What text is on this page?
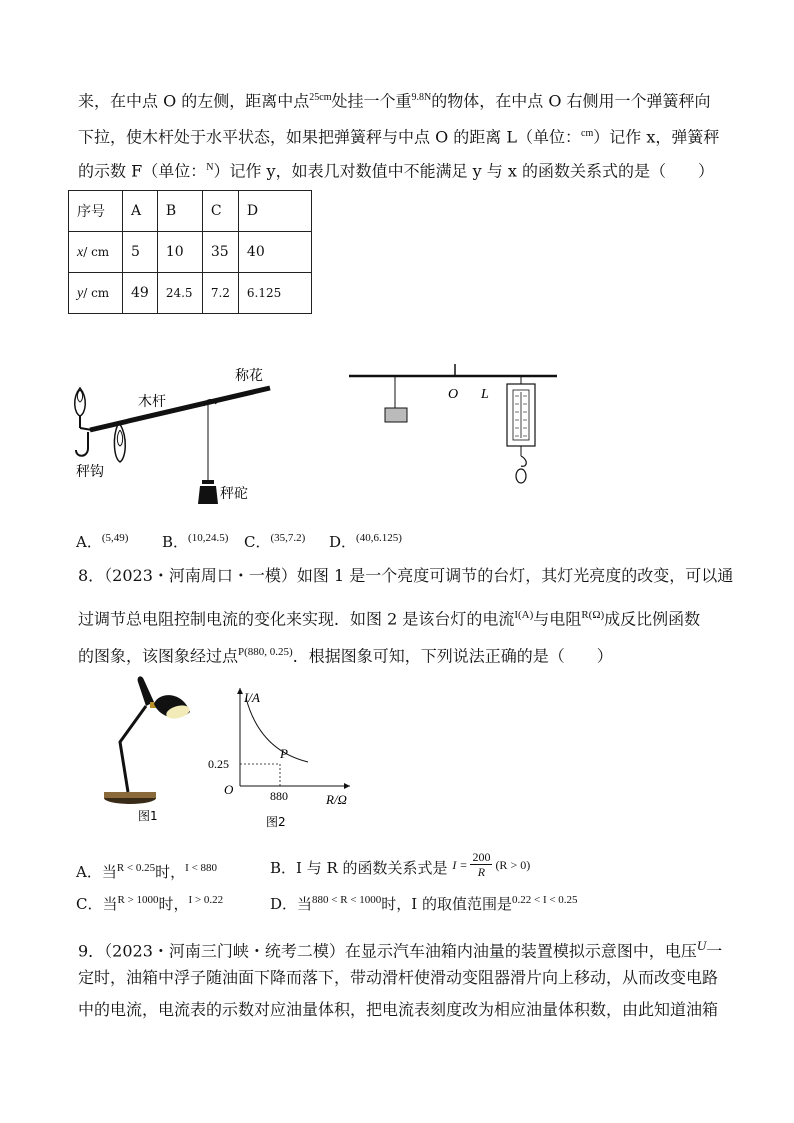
来，在中点 O 的左侧，距离中点$^{25cm}$处挂一个重$^{9.8N}$的物体，在中点 O 右侧用一个弹簧秤向
下拉，使木杆处于水平状态，如果把弹簧秤与中点 O 的距离 L（单位：$^{cm}$）记作 x，弹簧秤
的示数 F（单位：$^N$）记作 y，如表几对数值中不能满足 y 与 x 的函数关系式的是（　　）
序号	A	B	C	D
x/ cm	5	10	35	40
y/ cm	49	24.5	7.2	6.125
称花
木杆
秤钩
秤砣
O L
A．$^{(5,49)}$ B．$^{(10,24.5)}$ C．$^{(35,7.2)}$ D．$^{(40,6.125)}$
8．（2023・河南周口・一模）如图 1 是一个亮度可调节的台灯，其灯光亮度的改变，可以通
过调节总电阻控制电流的变化来实现．如图 2 是该台灯的电流$^{I(A)}$与电阻$^{R(\Omega)}$成反比例函数
的图象，该图象经过点$^{P(880, 0.25)}$．根据图象可知，下列说法正确的是（　　）
图1
I/A
R/Ω
O
P
0.25
880
图2
A．当$^{R < 0.25}$时，$^{I < 880}$	B．I 与 R 的函数关系式是 $I = \frac{200}{R} (R > 0)$
C．当$^{R > 1000}$时，$^{I > 0.22}$	D．当$^{880 < R < 1000}$时，I 的取值范围是$^{0.22 < I < 0.25}$
9．（2023・河南三门峡・统考二模）在显示汽车油箱内油量的装置模拟示意图中，电压$^U$一
定时，油箱中浮子随油面下降而落下，带动滑杆使滑动变阻器滑片向上移动，从而改变电路
中的电流，电流表的示数对应油量体积，把电流表刻度改为相应油量体积数，由此知道油箱
